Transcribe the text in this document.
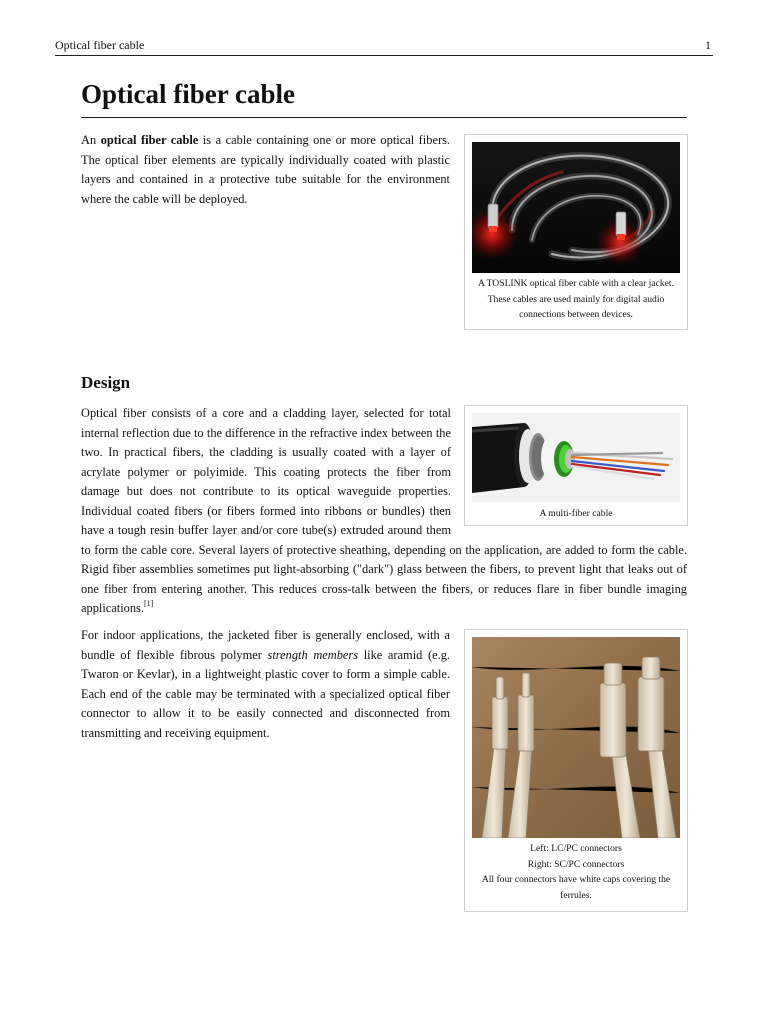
Optical fiber cable	1
Optical fiber cable

An optical fiber cable is a cable containing one or more optical fibers. The optical fiber elements are typically individually coated with plastic layers and contained in a protective tube suitable for the environment where the cable will be deployed.

A TOSLINK optical fiber cable with a clear jacket. These cables are used mainly for digital audio connections between devices.
Design
Optical fiber consists of a core and a cladding layer, selected for total internal reflection due to the difference in the refractive index between the two. In practical fibers, the cladding is usually coated with a layer of acrylate polymer or polyimide. This coating protects the fiber from damage but does not contribute to its optical waveguide properties. Individual coated fibers (or fibers formed into ribbons or bundles) then have a tough resin buffer layer and/or core tube(s) extruded around them to form the cable core. Several layers of protective sheathing, depending on the application, are added to form the cable. Rigid fiber assemblies sometimes put light-absorbing ("dark") glass between the fibers, to prevent light that leaks out of one fiber from entering another. This reduces cross-talk between the fibers, or reduces flare in fiber bundle imaging applications.[1]
A multi-fiber cable

For indoor applications, the jacketed fiber is generally enclosed, with a bundle of flexible fibrous polymer strength members like aramid (e.g. Twaron or Kevlar), in a lightweight plastic cover to form a simple cable. Each end of the cable may be terminated with a specialized optical fiber connector to allow it to be easily connected and disconnected from transmitting and receiving equipment.

Left: LC/PC connectors
Right: SC/PC connectors
All four connectors have white caps covering the ferrules.
